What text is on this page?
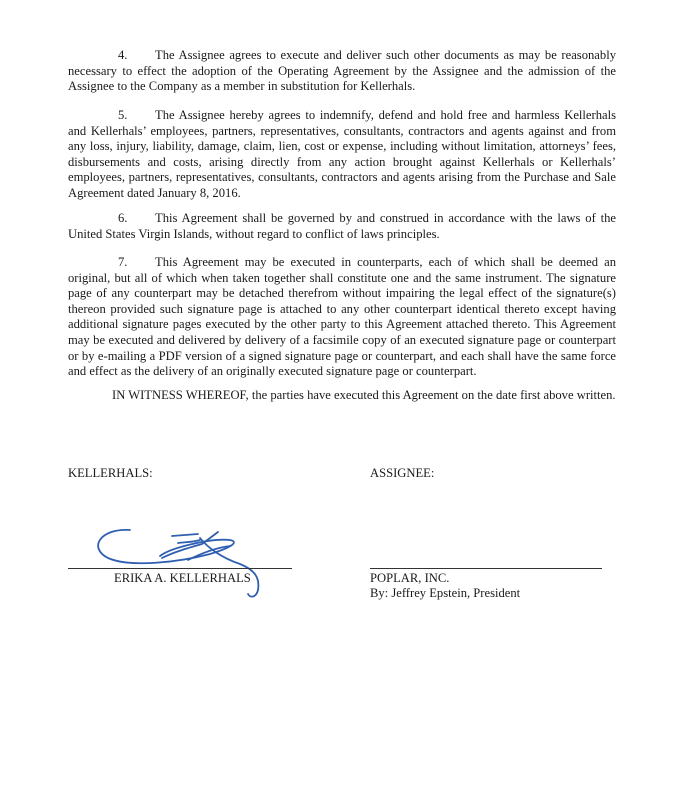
4. The Assignee agrees to execute and deliver such other documents as may be reasonably necessary to effect the adoption of the Operating Agreement by the Assignee and the admission of the Assignee to the Company as a member in substitution for Kellerhals.

5. The Assignee hereby agrees to indemnify, defend and hold free and harmless Kellerhals and Kellerhals’ employees, partners, representatives, consultants, contractors and agents against and from any loss, injury, liability, damage, claim, lien, cost or expense, including without limitation, attorneys’ fees, disbursements and costs, arising directly from any action brought against Kellerhals or Kellerhals’ employees, partners, representatives, consultants, contractors and agents arising from the Purchase and Sale Agreement dated January 8, 2016.

6. This Agreement shall be governed by and construed in accordance with the laws of the United States Virgin Islands, without regard to conflict of laws principles.

7. This Agreement may be executed in counterparts, each of which shall be deemed an original, but all of which when taken together shall constitute one and the same instrument. The signature page of any counterpart may be detached therefrom without impairing the legal effect of the signature(s) thereon provided such signature page is attached to any other counterpart identical thereto except having additional signature pages executed by the other party to this Agreement attached thereto. This Agreement may be executed and delivered by delivery of a facsimile copy of an executed signature page or counterpart or by e-mailing a PDF version of a signed signature page or counterpart, and each shall have the same force and effect as the delivery of an originally executed signature page or counterpart.

IN WITNESS WHEREOF, the parties have executed this Agreement on the date first above written.

KELLERHALS:	ASSIGNEE:

ERIKA A. KELLERHALS	POPLAR, INC.

By: Jeffrey Epstein, President
